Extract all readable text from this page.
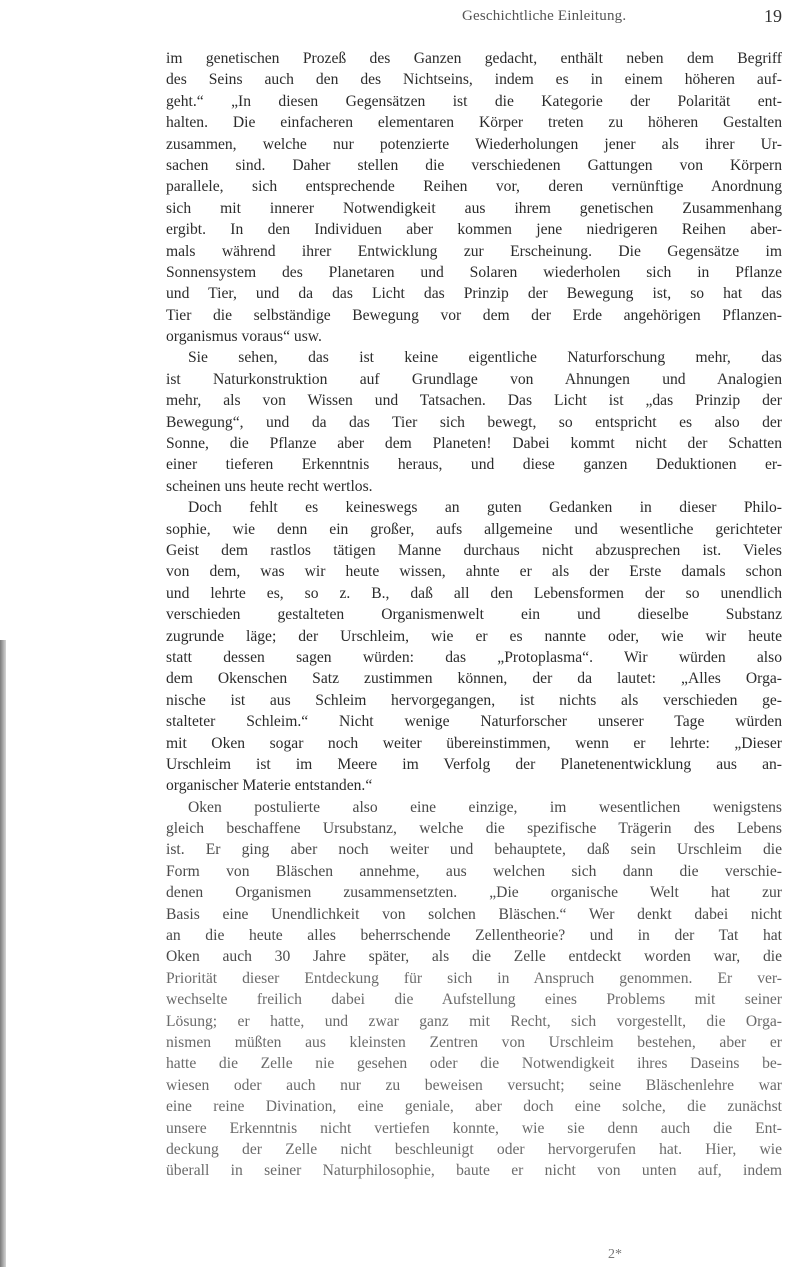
Geschichtliche Einleitung.	19
im genetischen Prozeß des Ganzen gedacht, enthält neben dem Begriff
des Seins auch den des Nichtseins, indem es in einem höheren auf-
geht.“ „In diesen Gegensätzen ist die Kategorie der Polarität ent-
halten. Die einfacheren elementaren Körper treten zu höheren Gestalten
zusammen, welche nur potenzierte Wiederholungen jener als ihrer Ur-
sachen sind. Daher stellen die verschiedenen Gattungen von Körpern
parallele, sich entsprechende Reihen vor, deren vernünftige Anordnung
sich mit innerer Notwendigkeit aus ihrem genetischen Zusammenhang
ergibt. In den Individuen aber kommen jene niedrigeren Reihen aber-
mals während ihrer Entwicklung zur Erscheinung. Die Gegensätze im
Sonnensystem des Planetaren und Solaren wiederholen sich in Pflanze
und Tier, und da das Licht das Prinzip der Bewegung ist, so hat das
Tier die selbständige Bewegung vor dem der Erde angehörigen Pflanzen-
organismus voraus“ usw.
Sie sehen, das ist keine eigentliche Naturforschung mehr, das
ist Naturkonstruktion auf Grundlage von Ahnungen und Analogien
mehr, als von Wissen und Tatsachen. Das Licht ist „das Prinzip der
Bewegung“, und da das Tier sich bewegt, so entspricht es also der
Sonne, die Pflanze aber dem Planeten! Dabei kommt nicht der Schatten
einer tieferen Erkenntnis heraus, und diese ganzen Deduktionen er-
scheinen uns heute recht wertlos.
Doch fehlt es keineswegs an guten Gedanken in dieser Philo-
sophie, wie denn ein großer, aufs allgemeine und wesentliche gerichteter
Geist dem rastlos tätigen Manne durchaus nicht abzusprechen ist. Vieles
von dem, was wir heute wissen, ahnte er als der Erste damals schon
und lehrte es, so z. B., daß all den Lebensformen der so unendlich
verschieden gestalteten Organismenwelt ein und dieselbe Substanz
zugrunde läge; der Urschleim, wie er es nannte oder, wie wir heute
statt dessen sagen würden: das „Protoplasma“. Wir würden also
dem Okenschen Satz zustimmen können, der da lautet: „Alles Orga-
nische ist aus Schleim hervorgegangen, ist nichts als verschieden ge-
stalteter Schleim.“ Nicht wenige Naturforscher unserer Tage würden
mit Oken sogar noch weiter übereinstimmen, wenn er lehrte: „Dieser
Urschleim ist im Meere im Verfolg der Planetenentwicklung aus an-
organischer Materie entstanden.“
Oken postulierte also eine einzige, im wesentlichen wenigstens
gleich beschaffene Ursubstanz, welche die spezifische Trägerin des Lebens
ist. Er ging aber noch weiter und behauptete, daß sein Urschleim die
Form von Bläschen annehme, aus welchen sich dann die verschie-
denen Organismen zusammensetzten. „Die organische Welt hat zur
Basis eine Unendlichkeit von solchen Bläschen.“ Wer denkt dabei nicht
an die heute alles beherrschende Zellentheorie? und in der Tat hat
Oken auch 30 Jahre später, als die Zelle entdeckt worden war, die
Priorität dieser Entdeckung für sich in Anspruch genommen. Er ver-
wechselte freilich dabei die Aufstellung eines Problems mit seiner
Lösung; er hatte, und zwar ganz mit Recht, sich vorgestellt, die Orga-
nismen müßten aus kleinsten Zentren von Urschleim bestehen, aber er
hatte die Zelle nie gesehen oder die Notwendigkeit ihres Daseins be-
wiesen oder auch nur zu beweisen versucht; seine Bläschenlehre war
eine reine Divination, eine geniale, aber doch eine solche, die zunächst
unsere Erkenntnis nicht vertiefen konnte, wie sie denn auch die Ent-
deckung der Zelle nicht beschleunigt oder hervorgerufen hat. Hier, wie
überall in seiner Naturphilosophie, baute er nicht von unten auf, indem
2*
